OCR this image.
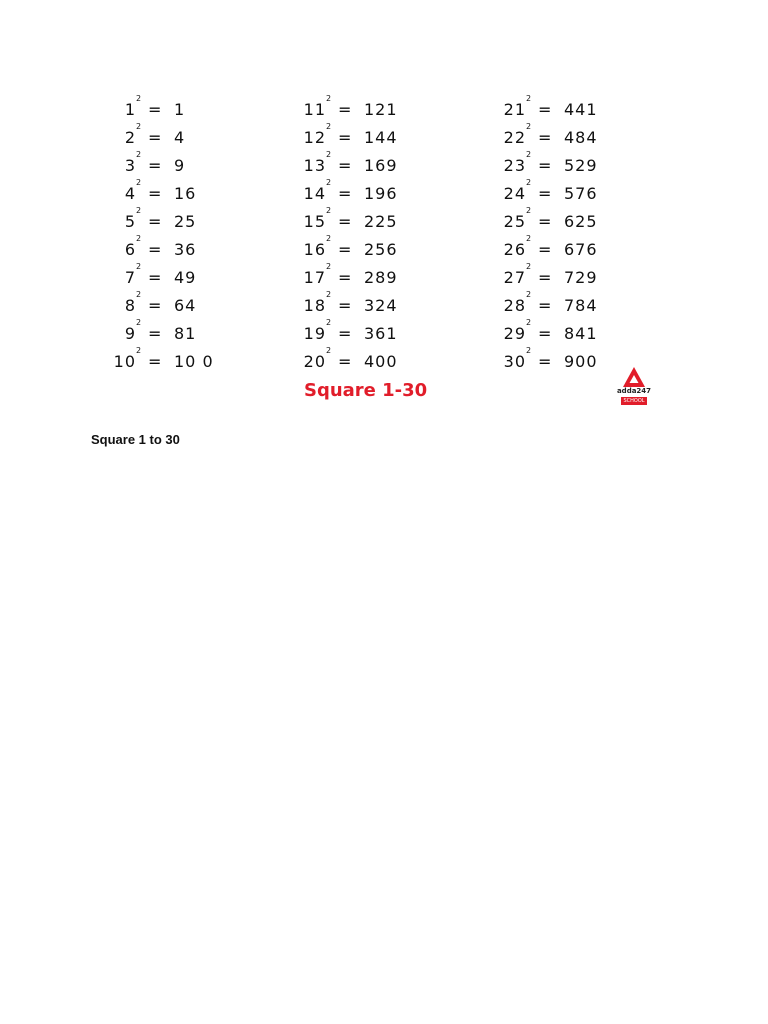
1
2
= 1
2
2
= 4
3
2
= 9
4
2
= 16
5
2
= 25
6
2
= 36
7
2
= 49
8
2
= 64
9
2
= 81
10
2
= 10 0
11
2
= 121
12
2
= 144
13
2
= 169
14
2
= 196
15
2
= 225
16
2
= 256
17
2
= 289
18
2
= 324
19
2
= 361
20
2
= 400
21
2
= 441
22
2
= 484
23
2
= 529
24
2
= 576
25
2
= 625
26
2
= 676
27
2
= 729
28
2
= 784
29
2
= 841
30
2
= 900
Square 1-30	adda247
SCHOOL
Square 1 to 30
